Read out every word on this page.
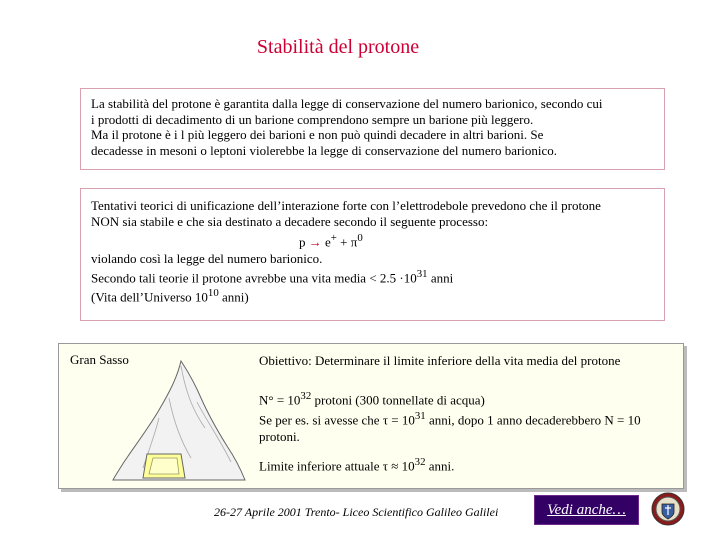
Stabilità del protone

La stabilità del protone è garantita dalla legge di conservazione del numero barionico, secondo cui

i prodotti di decadimento di un barione comprendono sempre un barione più leggero.

Ma il protone è i l più leggero dei barioni e non può quindi decadere in altri barioni. Se

decadesse in mesoni o leptoni violerebbe la legge di conservazione del numero barionico.

Tentativi teorici di unificazione dell’interazione forte con l’elettrodebole prevedono che il protone

NON sia stabile e che sia destinato a decadere secondo il seguente processo:

$p \to e^+ + \pi^0$

violando così la legge del numero barionico.

Secondo tali teorie il protone avrebbe una vita media < $2.5 \cdot 10^{31}$ anni

(Vita dell’Universo $10^{10}$ anni)

Gran Sasso	Obiettivo: Determinare il limite inferiore della vita media del protone
$N^\circ = 10^{32}$ protoni (300 tonnellate di acqua)
Se per es. si avesse che $\tau = 10^{31}$ anni, dopo 1 anno decaderebbero N = 10
protoni.
Limite inferiore attuale $\tau \approx 10^{32}$ anni.
26-27 Aprile 2001 Trento- Liceo Scientifico Galileo Galilei	Vedi anche…
